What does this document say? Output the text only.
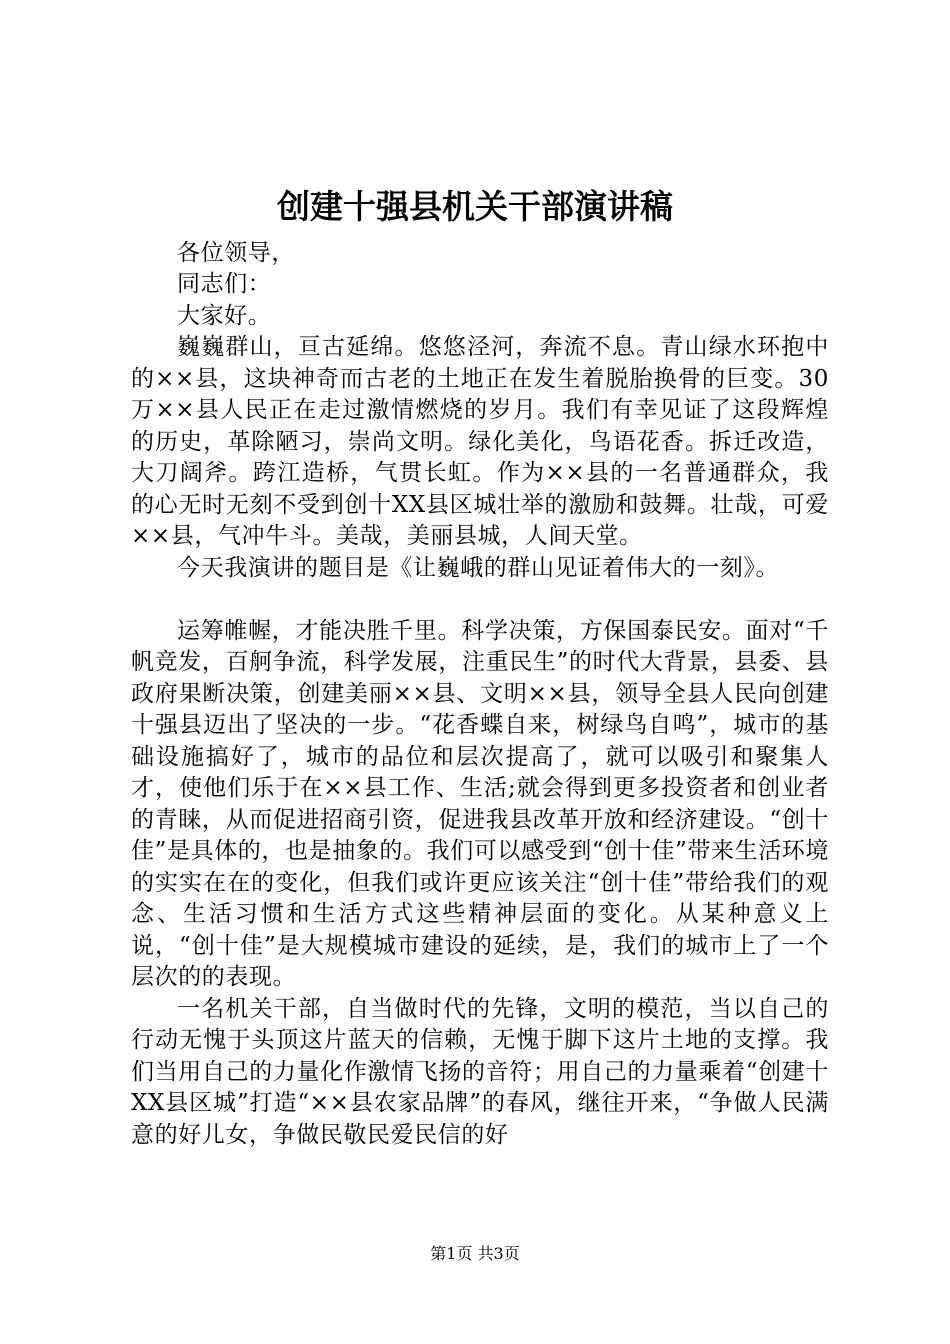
创建十强县机关干部演讲稿

各位领导，

同志们：

大家好。

巍巍群山，亘古延绵。悠悠泾河，奔流不息。青山绿水环抱中的××县，这块神奇而古老的土地正在发生着脱胎换骨的巨变。30万××县人民正在走过激情燃烧的岁月。我们有幸见证了这段辉煌的历史，革除陋习，崇尚文明。绿化美化，鸟语花香。拆迁改造，大刀阔斧。跨江造桥，气贯长虹。作为××县的一名普通群众，我的心无时无刻不受到创十XX县区城壮举的激励和鼓舞。壮哉，可爱××县，气冲牛斗。美哉，美丽县城，人间天堂。

今天我演讲的题目是《让巍峨的群山见证着伟大的一刻》。

运筹帷幄，才能决胜千里。科学决策，方保国泰民安。面对“千帆竞发，百舸争流，科学发展，注重民生”的时代大背景，县委、县政府果断决策，创建美丽××县、文明××县，领导全县人民向创建十强县迈出了坚决的一步。“花香蝶自来，树绿鸟自鸣”，城市的基础设施搞好了，城市的品位和层次提高了，就可以吸引和聚集人才，使他们乐于在××县工作、生活;就会得到更多投资者和创业者的青睐，从而促进招商引资，促进我县改革开放和经济建设。“创十佳”是具体的，也是抽象的。我们可以感受到“创十佳”带来生活环境的实实在在的变化，但我们或许更应该关注“创十佳”带给我们的观念、生活习惯和生活方式这些精神层面的变化。从某种意义上说，“创十佳”是大规模城市建设的延续，是，我们的城市上了一个层次的的表现。

一名机关干部，自当做时代的先锋，文明的模范，当以自己的行动无愧于头顶这片蓝天的信赖，无愧于脚下这片土地的支撑。我们当用自己的力量化作激情飞扬的音符；用自己的力量乘着“创建十XX县区城”打造“××县农家品牌”的春风，继往开来，“争做人民满意的好儿女，争做民敬民爱民信的好

第1页 共3页
